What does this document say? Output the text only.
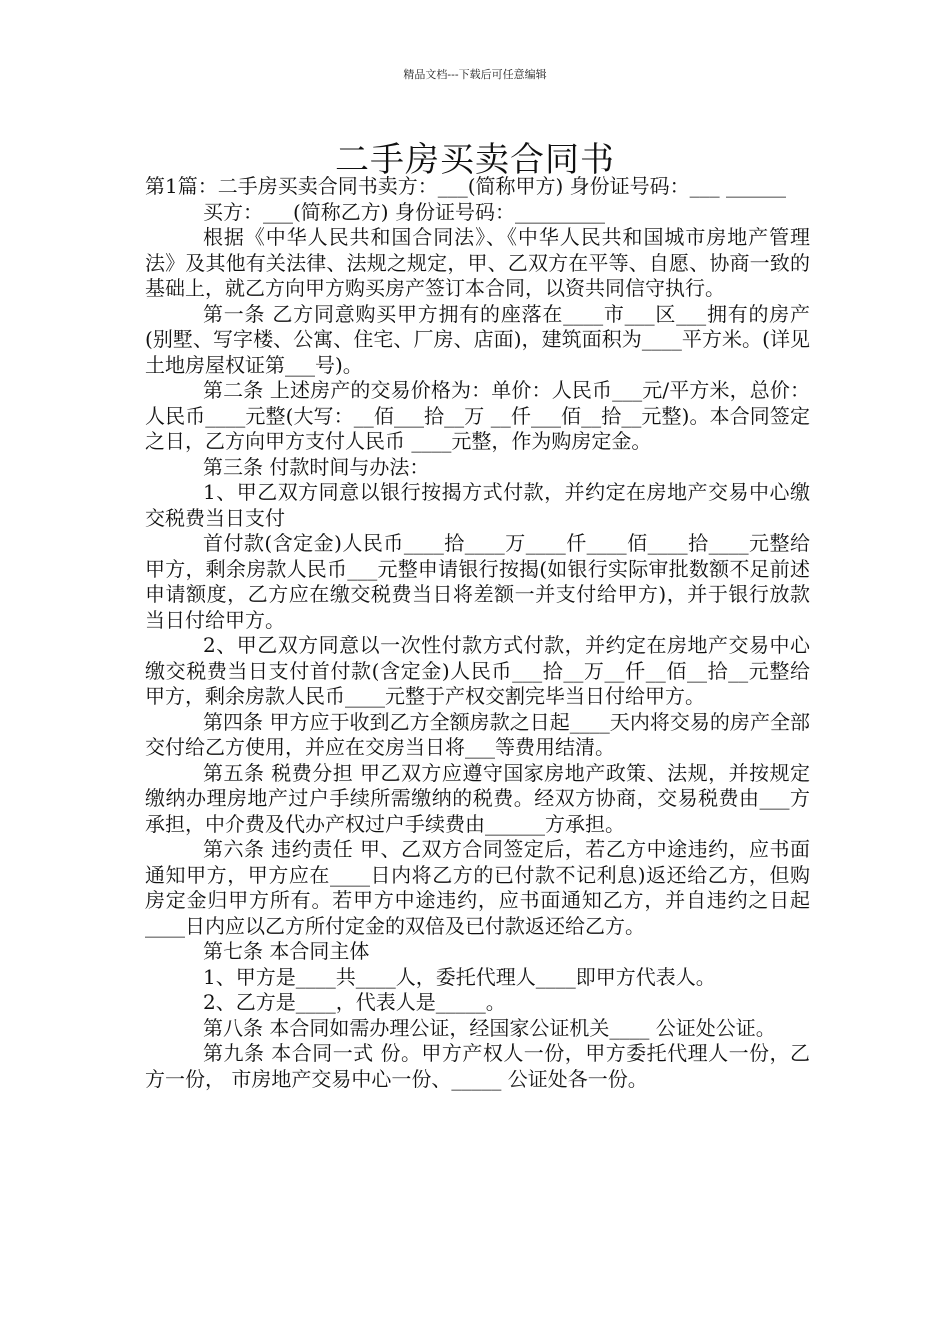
精品文档---下载后可任意编辑
二手房买卖合同书

第1篇：二手房买卖合同书卖方：___(简称甲方) 身份证号码：___ ______

买方：___(简称乙方) 身份证号码：_________

根据《中华人民共和国合同法》、《中华人民共和国城市房地产管理法》及其他有关法律、法规之规定，甲、乙双方在平等、自愿、协商一致的基础上，就乙方向甲方购买房产签订本合同，以资共同信守执行。

第一条 乙方同意购买甲方拥有的座落在____市___区___拥有的房产(别墅、写字楼、公寓、住宅、厂房、店面)，建筑面积为____平方米。(详见土地房屋权证第___号)。

第二条 上述房产的交易价格为：单价：人民币___元/平方米，总价：人民币____元整(大写：__佰___拾__万 __仟___佰__拾__元整)。本合同签定之日，乙方向甲方支付人民币 ____元整，作为购房定金。

第三条 付款时间与办法：

1、甲乙双方同意以银行按揭方式付款，并约定在房地产交易中心缴交税费当日支付

首付款(含定金)人民币____拾____万____仟____佰____拾____元整给甲方，剩余房款人民币___元整申请银行按揭(如银行实际审批数额不足前述申请额度，乙方应在缴交税费当日将差额一并支付给甲方)，并于银行放款当日付给甲方。

2、甲乙双方同意以一次性付款方式付款，并约定在房地产交易中心缴交税费当日支付首付款(含定金)人民币___拾__万__仟__佰__拾__元整给甲方，剩余房款人民币____元整于产权交割完毕当日付给甲方。

第四条 甲方应于收到乙方全额房款之日起____天内将交易的房产全部交付给乙方使用，并应在交房当日将___等费用结清。

第五条 税费分担 甲乙双方应遵守国家房地产政策、法规，并按规定缴纳办理房地产过户手续所需缴纳的税费。经双方协商，交易税费由___方承担，中介费及代办产权过户手续费由______方承担。

第六条 违约责任 甲、乙双方合同签定后，若乙方中途违约，应书面通知甲方，甲方应在____日内将乙方的已付款不记利息)返还给乙方，但购房定金归甲方所有。若甲方中途违约，应书面通知乙方，并自违约之日起____日内应以乙方所付定金的双倍及已付款返还给乙方。

第七条 本合同主体

1、甲方是____共____人，委托代理人____即甲方代表人。

2、乙方是____，代表人是_____。

第八条 本合同如需办理公证，经国家公证机关____ 公证处公证。

第九条 本合同一式 份。甲方产权人一份，甲方委托代理人一份，乙方一份， 市房地产交易中心一份、_____ 公证处各一份。
